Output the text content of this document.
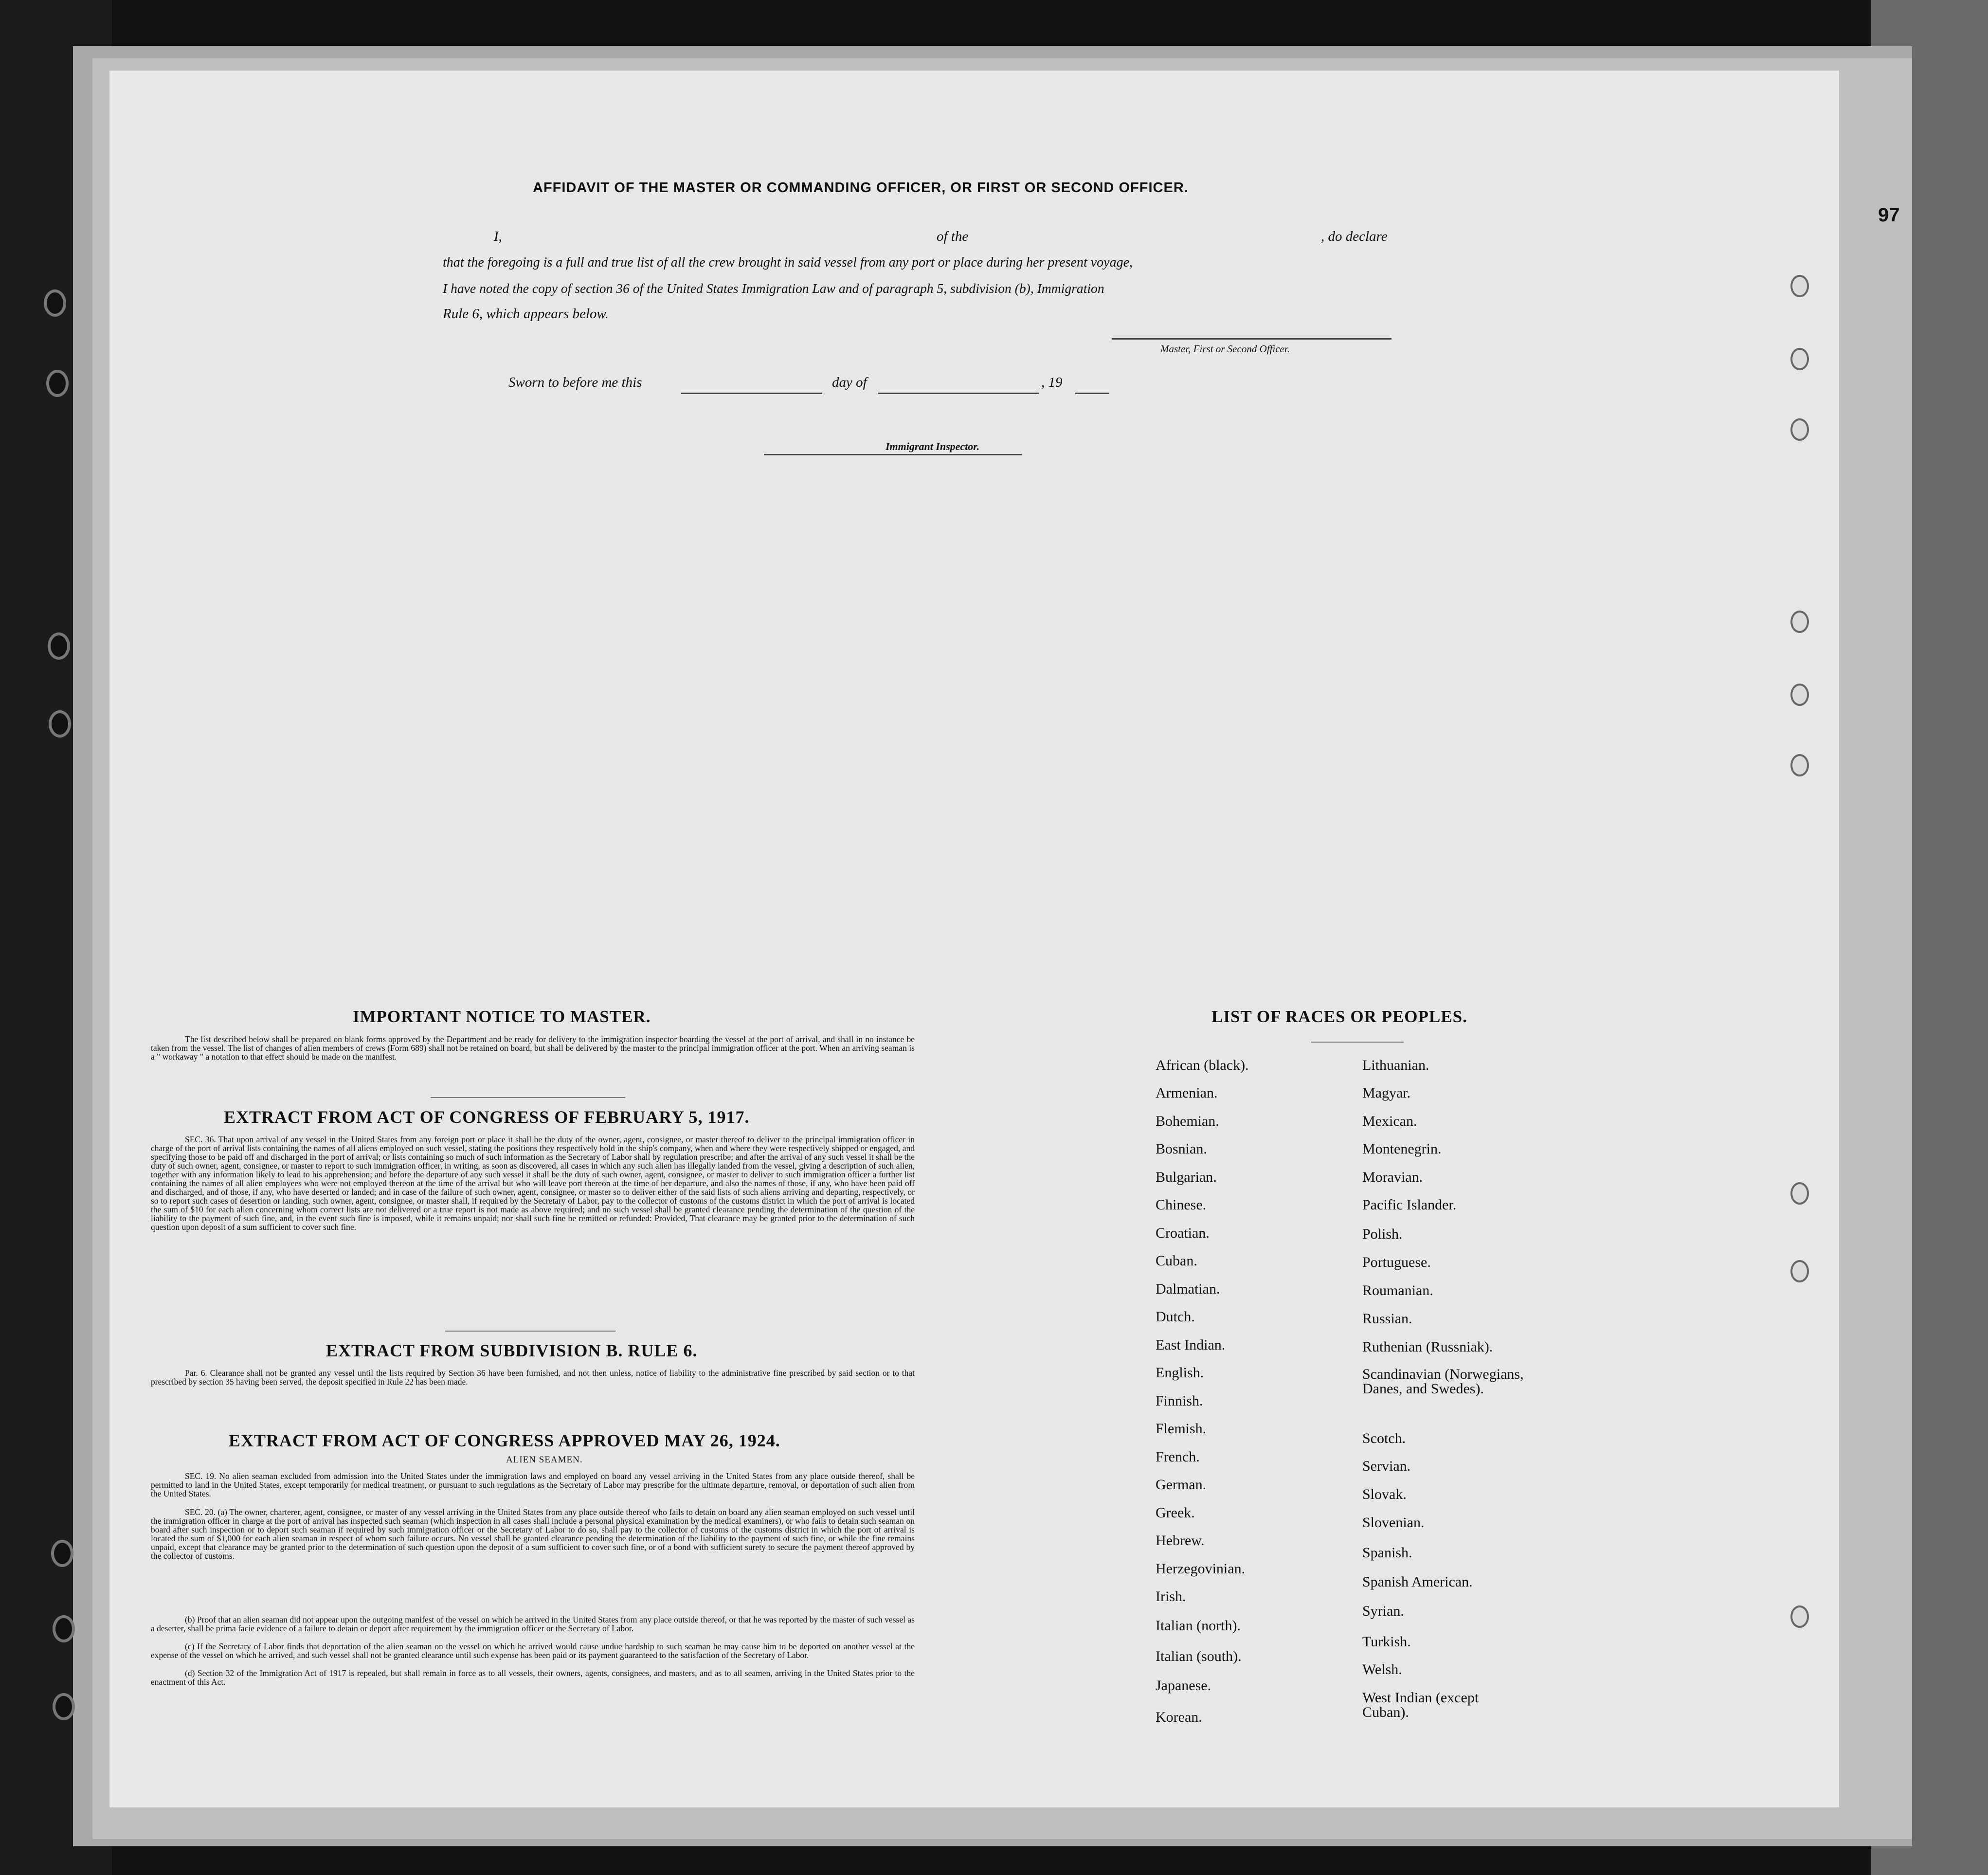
AFFIDAVIT OF THE MASTER OR COMMANDING OFFICER, OR FIRST OR SECOND OFFICER.
I,	of the	, do declare
that the foregoing is a full and true list of all the crew brought in said vessel from any port or place during her present voyage,
I have noted the copy of section 36 of the United States Immigration Law and of paragraph 5, subdivision (b), Immigration
Rule 6, which appears below.
Master, First or Second Officer.
Sworn to before me this	day of	, 19
Immigrant Inspector.
IMPORTANT NOTICE TO MASTER.
The list described below shall be prepared on blank forms approved by the Department and be ready for delivery to the immigration inspector boarding the vessel at the port of arrival, and shall in no instance be taken from the vessel. The list of changes of alien members of crews (Form 689) shall not be retained on board, but shall be delivered by the master to the principal immigration officer at the port. When an arriving seaman is a " workaway " a notation to that effect should be made on the manifest.
EXTRACT FROM ACT OF CONGRESS OF FEBRUARY 5, 1917.
SEC. 36. That upon arrival of any vessel in the United States from any foreign port or place it shall be the duty of the owner, agent, consignee, or master thereof to deliver to the principal immigration officer in charge of the port of arrival lists containing the names of all aliens employed on such vessel, stating the positions they respectively hold in the ship's company, when and where they were respectively shipped or engaged, and specifying those to be paid off and discharged in the port of arrival; or lists containing so much of such information as the Secretary of Labor shall by regulation prescribe; and after the arrival of any such vessel it shall be the duty of such owner, agent, consignee, or master to report to such immigration officer, in writing, as soon as discovered, all cases in which any such alien has illegally landed from the vessel, giving a description of such alien, together with any information likely to lead to his apprehension; and before the departure of any such vessel it shall be the duty of such owner, agent, consignee, or master to deliver to such immigration officer a further list containing the names of all alien employees who were not employed thereon at the time of the arrival but who will leave port thereon at the time of her departure, and also the names of those, if any, who have been paid off and discharged, and of those, if any, who have deserted or landed; and in case of the failure of such owner, agent, consignee, or master so to deliver either of the said lists of such aliens arriving and departing, respectively, or so to report such cases of desertion or landing, such owner, agent, consignee, or master shall, if required by the Secretary of Labor, pay to the collector of customs of the customs district in which the port of arrival is located the sum of $10 for each alien concerning whom correct lists are not delivered or a true report is not made as above required; and no such vessel shall be granted clearance pending the determination of the question of the liability to the payment of such fine, and, in the event such fine is imposed, while it remains unpaid; nor shall such fine be remitted or refunded: Provided, That clearance may be granted prior to the determination of such question upon deposit of a sum sufficient to cover such fine.
EXTRACT FROM SUBDIVISION B. RULE 6.
Par. 6. Clearance shall not be granted any vessel until the lists required by Section 36 have been furnished, and not then unless, notice of liability to the administrative fine prescribed by said section or to that prescribed by section 35 having been served, the deposit specified in Rule 22 has been made.
EXTRACT FROM ACT OF CONGRESS APPROVED MAY 26, 1924.
ALIEN SEAMEN.
SEC. 19. No alien seaman excluded from admission into the United States under the immigration laws and employed on board any vessel arriving in the United States from any place outside thereof, shall be permitted to land in the United States, except temporarily for medical treatment, or pursuant to such regulations as the Secretary of Labor may prescribe for the ultimate departure, removal, or deportation of such alien from the United States.
SEC. 20. (a) The owner, charterer, agent, consignee, or master of any vessel arriving in the United States from any place outside thereof who fails to detain on board any alien seaman employed on such vessel until the immigration officer in charge at the port of arrival has inspected such seaman (which inspection in all cases shall include a personal physical examination by the medical examiners), or who fails to detain such seaman on board after such inspection or to deport such seaman if required by such immigration officer or the Secretary of Labor to do so, shall pay to the collector of customs of the customs district in which the port of arrival is located the sum of $1,000 for each alien seaman in respect of whom such failure occurs. No vessel shall be granted clearance pending the determination of the liability to the payment of such fine, or while the fine remains unpaid, except that clearance may be granted prior to the determination of such question upon the deposit of a sum sufficient to cover such fine, or of a bond with sufficient surety to secure the payment thereof approved by the collector of customs.
(b) Proof that an alien seaman did not appear upon the outgoing manifest of the vessel on which he arrived in the United States from any place outside thereof, or that he was reported by the master of such vessel as a deserter, shall be prima facie evidence of a failure to detain or deport after requirement by the immigration officer or the Secretary of Labor.
(c) If the Secretary of Labor finds that deportation of the alien seaman on the vessel on which he arrived would cause undue hardship to such seaman he may cause him to be deported on another vessel at the expense of the vessel on which he arrived, and such vessel shall not be granted clearance until such expense has been paid or its payment guaranteed to the satisfaction of the Secretary of Labor.
(d) Section 32 of the Immigration Act of 1917 is repealed, but shall remain in force as to all vessels, their owners, agents, consignees, and masters, and as to all seamen, arriving in the United States prior to the enactment of this Act.
LIST OF RACES OR PEOPLES.
African (black).
Armenian.
Bohemian.
Bosnian.
Bulgarian.
Chinese.
Croatian.
Cuban.
Dalmatian.
Dutch.
East Indian.
English.
Finnish.
Flemish.
French.
German.
Greek.
Hebrew.
Herzegovinian.
Irish.
Italian (north).
Italian (south).
Japanese.
Korean.
Lithuanian.
Magyar.
Mexican.
Montenegrin.
Moravian.
Pacific Islander.
Polish.
Portuguese.
Roumanian.
Russian.
Ruthenian (Russniak).
Scandinavian (Norwegians, Danes, and Swedes).
Scotch.
Servian.
Slovak.
Slovenian.
Spanish.
Spanish American.
Syrian.
Turkish.
Welsh.
West Indian (except Cuban).
97
